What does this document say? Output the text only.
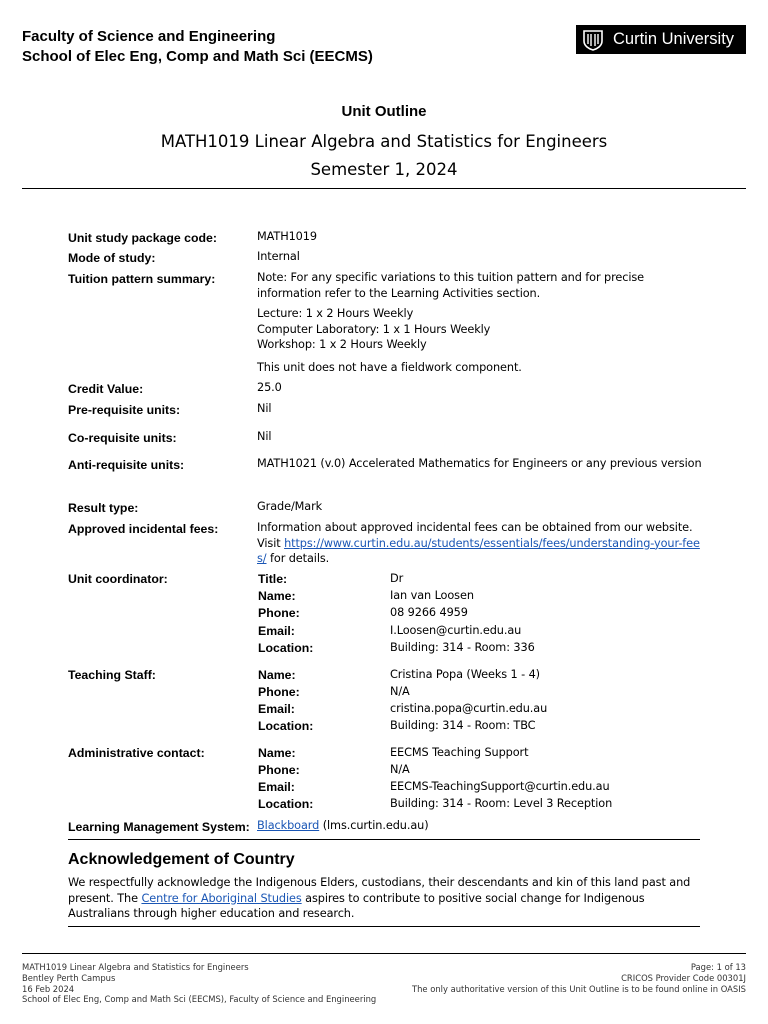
Faculty of Science and Engineering
School of Elec Eng, Comp and Math Sci (EECMS)
Curtin University
Unit Outline
MATH1019 Linear Algebra and Statistics for Engineers
Semester 1, 2024
Unit study package code:	MATH1019
Mode of study:	Internal
Tuition pattern summary:	Note: For any specific variations to this tuition pattern and for precise information refer to the Learning Activities section.
Lecture: 1 x 2 Hours Weekly
Computer Laboratory: 1 x 1 Hours Weekly
Workshop: 1 x 2 Hours Weekly
This unit does not have a fieldwork component.
Credit Value:	25.0
Pre-requisite units:	Nil
Co-requisite units:	Nil
Anti-requisite units:	MATH1021 (v.0) Accelerated Mathematics for Engineers or any previous version
Result type:	Grade/Mark
Approved incidental fees:	Information about approved incidental fees can be obtained from our website. Visit https://www.curtin.edu.au/students/essentials/fees/understanding-your-fees/ for details.
Unit coordinator:	Title:	Dr
Name:	Ian van Loosen
Phone:	08 9266 4959
Email:	I.Loosen@curtin.edu.au
Location:	Building: 314 - Room: 336
Teaching Staff:	Name:	Cristina Popa (Weeks 1 - 4)
Phone:	N/A
Email:	cristina.popa@curtin.edu.au
Location:	Building: 314 - Room: TBC
Administrative contact:	Name:	EECMS Teaching Support
Phone:	N/A
Email:	EECMS-TeachingSupport@curtin.edu.au
Location:	Building: 314 - Room: Level 3 Reception
Learning Management System: Blackboard (lms.curtin.edu.au)
Acknowledgement of Country
We respectfully acknowledge the Indigenous Elders, custodians, their descendants and kin of this land past and present. The Centre for Aboriginal Studies aspires to contribute to positive social change for Indigenous Australians through higher education and research.
MATH1019 Linear Algebra and Statistics for Engineers
Bentley Perth Campus
16 Feb 2024
School of Elec Eng, Comp and Math Sci (EECMS), Faculty of Science and Engineering
Page: 1 of 13
CRICOS Provider Code 00301J
The only authoritative version of this Unit Outline is to be found online in OASIS
